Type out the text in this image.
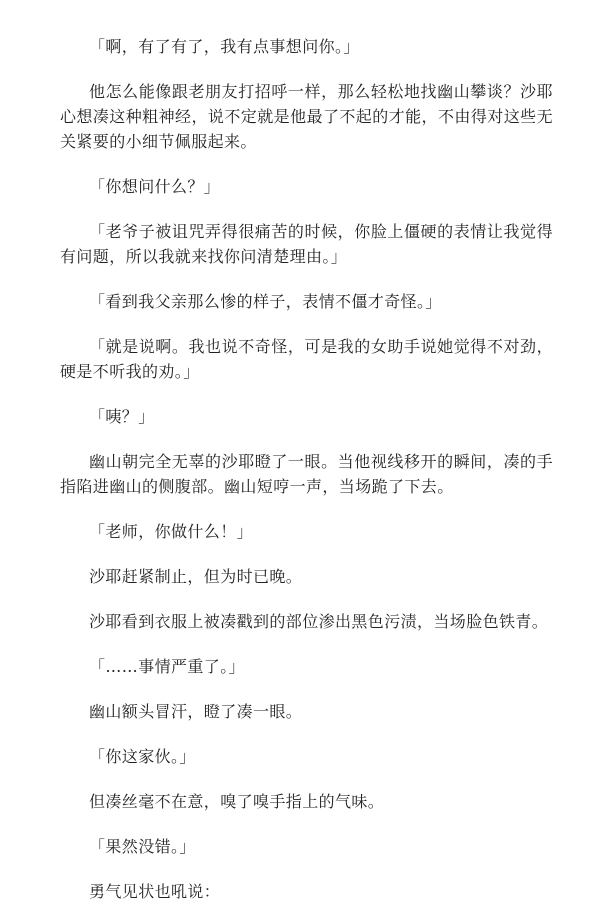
「啊，有了有了，我有点事想问你。」

他怎么能像跟老朋友打招呼一样，那么轻松地找幽山攀谈？沙耶心想凑这种粗神经，说不定就是他最了不起的才能，不由得对这些无关紧要的小细节佩服起来。

「你想问什么？」

「老爷子被诅咒弄得很痛苦的时候，你脸上僵硬的表情让我觉得有问题，所以我就来找你问清楚理由。」

「看到我父亲那么惨的样子，表情不僵才奇怪。」

「就是说啊。我也说不奇怪，可是我的女助手说她觉得不对劲，硬是不听我的劝。」

「咦？」

幽山朝完全无辜的沙耶瞪了一眼。当他视线移开的瞬间，凑的手指陷进幽山的侧腹部。幽山短哼一声，当场跪了下去。

「老师，你做什么！」

沙耶赶紧制止，但为时已晚。

沙耶看到衣服上被凑戳到的部位渗出黑色污渍，当场脸色铁青。

「……事情严重了。」

幽山额头冒汗，瞪了凑一眼。

「你这家伙。」

但凑丝毫不在意，嗅了嗅手指上的气味。

「果然没错。」

勇气见状也吼说：
